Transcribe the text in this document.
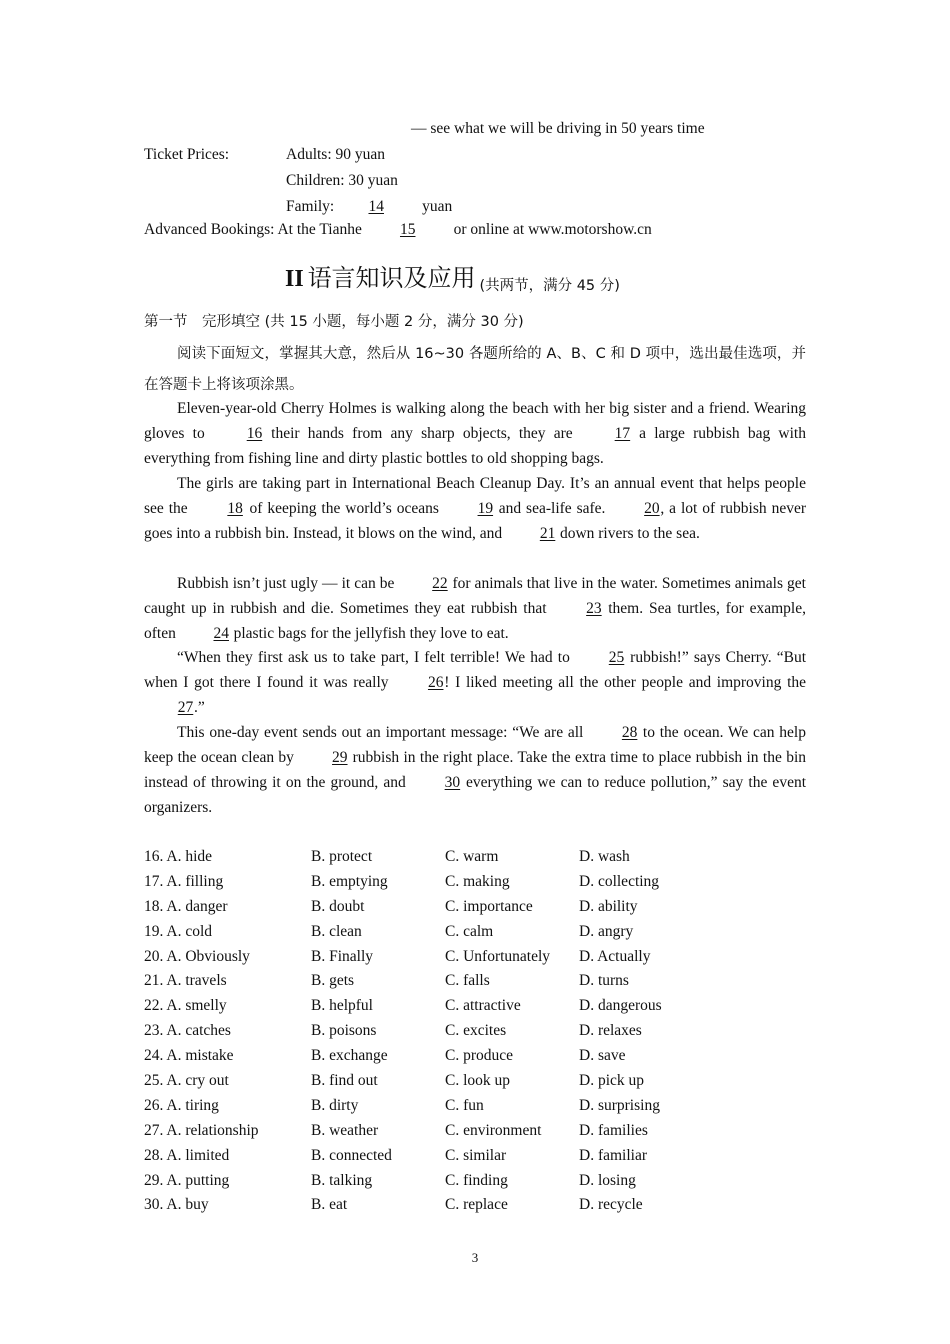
— see what we will be driving in 50 years time
Ticket Prices:	Adults: 90 yuan
Children: 30 yuan
Family: 14 yuan
Advanced Bookings: At the Tianhe 15 or online at www.motorshow.cn
II 语言知识及应用 (共两节，满分 45 分)
第一节　完形填空 (共 15 小题，每小题 2 分，满分 30 分)
阅读下面短文，掌握其大意，然后从 16~30 各题所给的 A、B、C 和 D 项中，选出最佳选项，并在答题卡上将该项涂黑。
Eleven-year-old Cherry Holmes is walking along the beach with her big sister and a friend. Wearing gloves to 16 their hands from any sharp objects, they are 17 a large rubbish bag with everything from fishing line and dirty plastic bottles to old shopping bags.
The girls are taking part in International Beach Cleanup Day. It’s an annual event that helps people see the 18 of keeping the world’s oceans 19 and sea-life safe. 20, a lot of rubbish never goes into a rubbish bin. Instead, it blows on the wind, and 21 down rivers to the sea.
Rubbish isn’t just ugly — it can be 22 for animals that live in the water. Sometimes animals get caught up in rubbish and die. Sometimes they eat rubbish that 23 them. Sea turtles, for example, often 24 plastic bags for the jellyfish they love to eat.
“When they first ask us to take part, I felt terrible! We had to 25 rubbish!” says Cherry. “But when I got there I found it was really 26! I liked meeting all the other people and improving the 27.”
This one-day event sends out an important message: “We are all 28 to the ocean. We can help keep the ocean clean by 29 rubbish in the right place. Take the extra time to place rubbish in the bin instead of throwing it on the ground, and 30 everything we can to reduce pollution,” say the event organizers.
16. A. hide	B. protect	C. warm	D. wash
17. A. filling	B. emptying	C. making	D. collecting
18. A. danger	B. doubt	C. importance	D. ability
19. A. cold	B. clean	C. calm	D. angry
20. A. Obviously	B. Finally	C. Unfortunately D. Actually
21. A. travels	B. gets	C. falls	D. turns
22. A. smelly	B. helpful	C. attractive	D. dangerous
23. A. catches	B. poisons	C. excites	D. relaxes
24. A. mistake	B. exchange	C. produce	D. save
25. A. cry out	B. find out	C. look up	D. pick up
26. A. tiring	B. dirty	C. fun	D. surprising
27. A. relationship	B. weather	C. environment D. families
28. A. limited	B. connected	C. similar	D. familiar
29. A. putting	B. talking	C. finding	D. losing
30. A. buy	B. eat	C. replace	D. recycle
3
